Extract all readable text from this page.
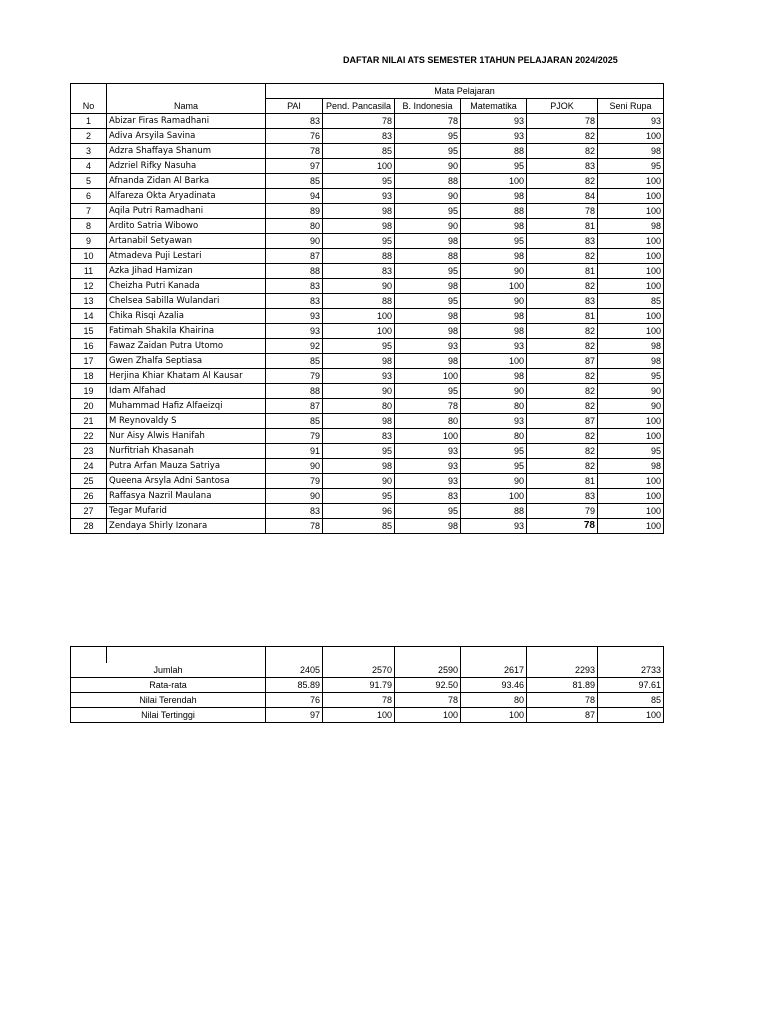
DAFTAR NILAI ATS SEMESTER 1TAHUN PELAJARAN 2024/2025
No	Nama	Mata Pelajaran					
		PAI	Pend. Pancasila	B. Indonesia	Matematika	PJOK	Seni Rupa
1	Abizar Firas Ramadhani	83	78	78	93	78	93
2	Adiva Arsyila Savina	76	83	95	93	82	100
3	Adzra Shaffaya Shanum	78	85	95	88	82	98
4	Adzriel Rifky Nasuha	97	100	90	95	83	95
5	Afnanda Zidan Al Barka	85	95	88	100	82	100
6	Alfareza Okta Aryadinata	94	93	90	98	84	100
7	Aqila Putri Ramadhani	89	98	95	88	78	100
8	Ardito Satria Wibowo	80	98	90	98	81	98
9	Artanabil Setyawan	90	95	98	95	83	100
10	Atmadeva Puji Lestari	87	88	88	98	82	100
11	Azka Jihad Hamizan	88	83	95	90	81	100
12	Cheizha Putri Kanada	83	90	98	100	82	100
13	Chelsea Sabilla Wulandari	83	88	95	90	83	85
14	Chika Risqi Azalia	93	100	98	98	81	100
15	Fatimah Shakila Khairina	93	100	98	98	82	100
16	Fawaz Zaidan Putra Utomo	92	95	93	93	82	98
17	Gwen Zhalfa Septiasa	85	98	98	100	87	98
18	Herjina Khiar Khatam Al Kausar	79	93	100	98	82	95
19	Idam Alfahad	88	90	95	90	82	90
20	Muhammad Hafiz Alfaeizqi	87	80	78	80	82	90
21	M Reynovaldy S	85	98	80	93	87	100
22	Nur Aisy Alwis Hanifah	79	83	100	80	82	100
23	Nurfitriah Khasanah	91	95	93	95	82	95
24	Putra Arfan Mauza Satriya	90	98	93	95	82	98
25	Queena Arsyla Adni Santosa	79	90	93	90	81	100
26	Raffasya Nazril Maulana	90	95	83	100	83	100
27	Tegar Mufarid	83	96	95	88	79	100
28	Zendaya Shirly Izonara	78	85	98	93	78	100

Jumlah		2405	2570	2590	2617	2293	2733
Rata-rata		85.89	91.79	92.50	93.46	81.89	97.61
Nilai Terendah		76	78	78	80	78	85
Nilai Tertinggi		97	100	100	100	87	100
